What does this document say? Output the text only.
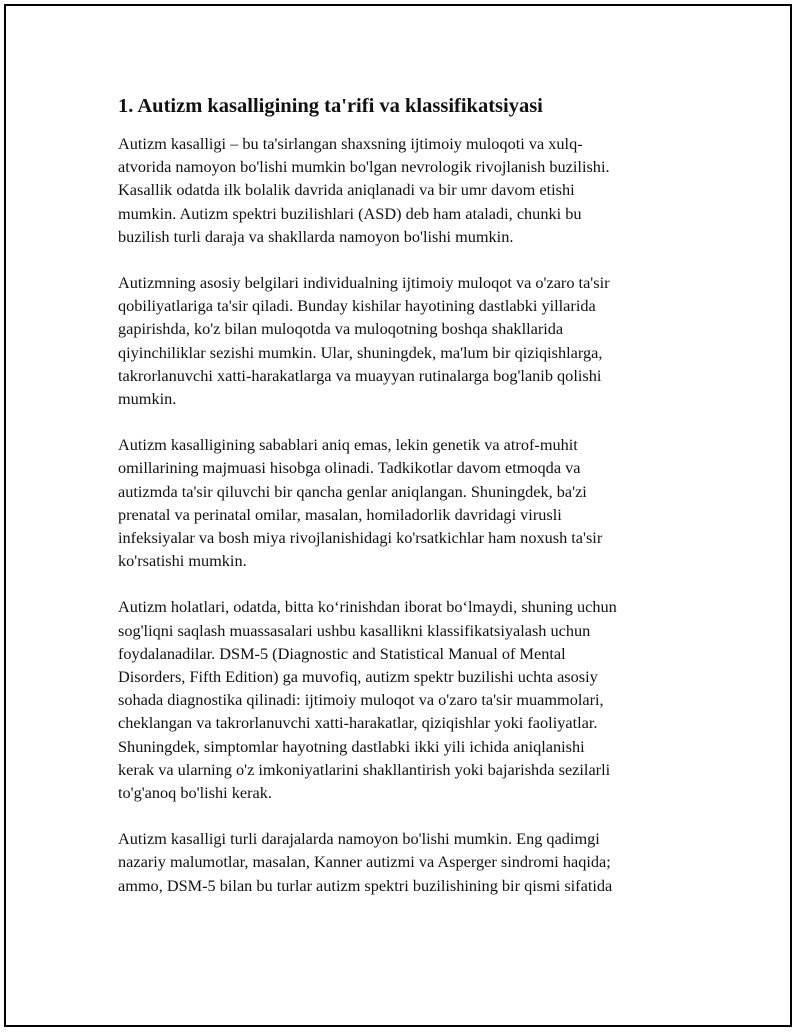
1. Autizm kasalligining ta'rifi va klassifikatsiyasi

Autizm kasalligi – bu ta'sirlangan shaxsning ijtimoiy muloqoti va xulq-
atvorida namoyon bo'lishi mumkin bo'lgan nevrologik rivojlanish buzilishi.
Kasallik odatda ilk bolalik davrida aniqlanadi va bir umr davom etishi
mumkin. Autizm spektri buzilishlari (ASD) deb ham ataladi, chunki bu
buzilish turli daraja va shakllarda namoyon bo'lishi mumkin.

Autizmning asosiy belgilari individualning ijtimoiy muloqot va o'zaro ta'sir
qobiliyatlariga ta'sir qiladi. Bunday kishilar hayotining dastlabki yillarida
gapirishda, ko'z bilan muloqotda va muloqotning boshqa shakllarida
qiyinchiliklar sezishi mumkin. Ular, shuningdek, ma'lum bir qiziqishlarga,
takrorlanuvchi xatti-harakatlarga va muayyan rutinalarga bog'lanib qolishi
mumkin.

Autizm kasalligining sabablari aniq emas, lekin genetik va atrof-muhit
omillarining majmuasi hisobga olinadi. Tadkikotlar davom etmoqda va
autizmda ta'sir qiluvchi bir qancha genlar aniqlangan. Shuningdek, ba'zi
prenatal va perinatal omilar, masalan, homiladorlik davridagi virusli
infeksiyalar va bosh miya rivojlanishidagi ko'rsatkichlar ham noxush ta'sir
ko'rsatishi mumkin.

Autizm holatlari, odatda, bitta ko‘rinishdan iborat bo‘lmaydi, shuning uchun
sog'liqni saqlash muassasalari ushbu kasallikni klassifikatsiyalash uchun
foydalanadilar. DSM-5 (Diagnostic and Statistical Manual of Mental
Disorders, Fifth Edition) ga muvofiq, autizm spektr buzilishi uchta asosiy
sohada diagnostika qilinadi: ijtimoiy muloqot va o'zaro ta'sir muammolari,
cheklangan va takrorlanuvchi xatti-harakatlar, qiziqishlar yoki faoliyatlar.
Shuningdek, simptomlar hayotning dastlabki ikki yili ichida aniqlanishi
kerak va ularning o'z imkoniyatlarini shakllantirish yoki bajarishda sezilarli
to'g'anoq bo'lishi kerak.

Autizm kasalligi turli darajalarda namoyon bo'lishi mumkin. Eng qadimgi
nazariy malumotlar, masalan, Kanner autizmi va Asperger sindromi haqida;
ammo, DSM-5 bilan bu turlar autizm spektri buzilishining bir qismi sifatida
